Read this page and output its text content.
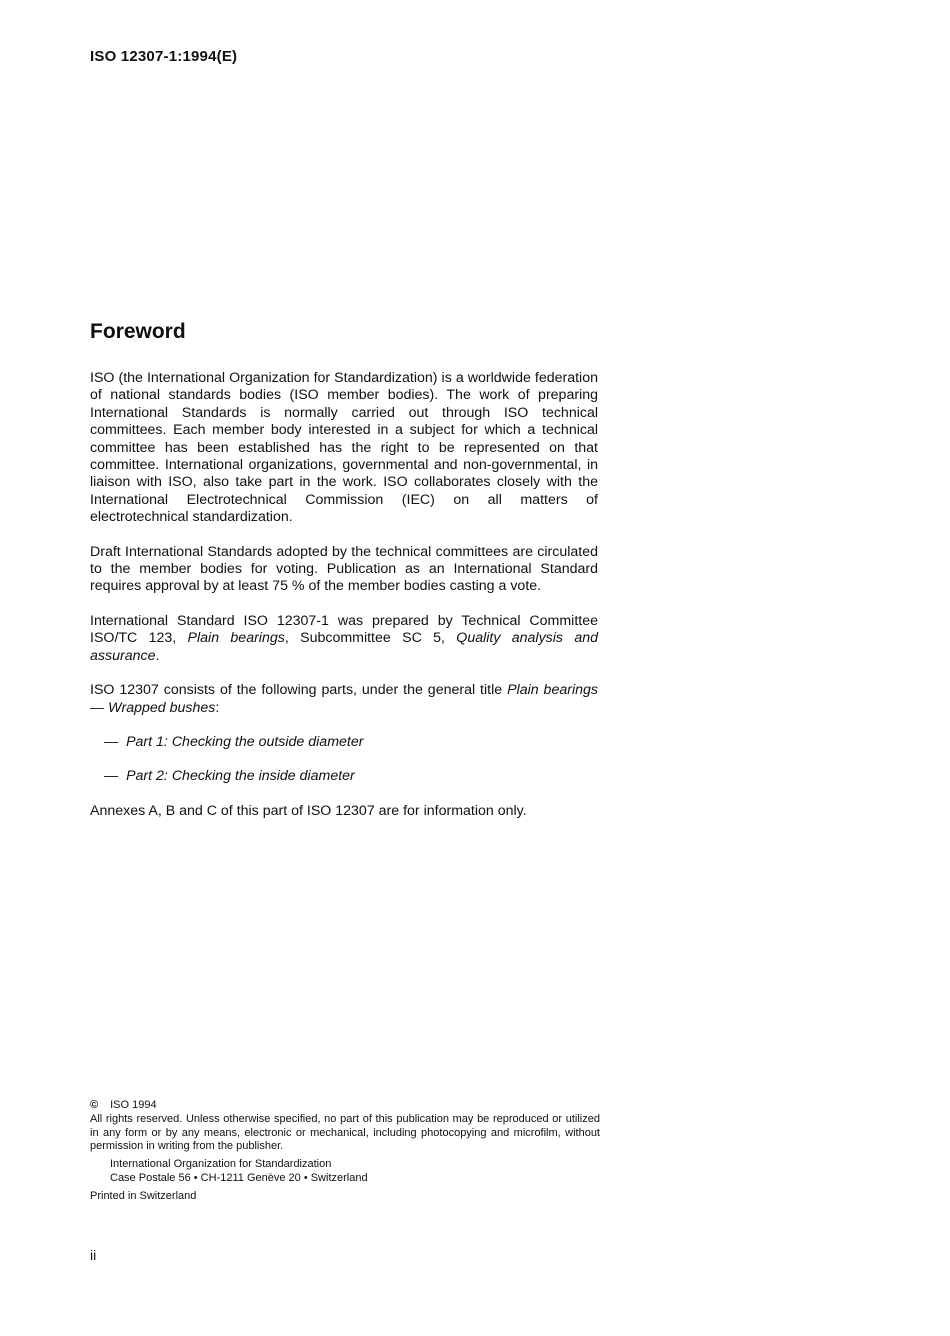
ISO 12307-1:1994(E)
Foreword

ISO (the International Organization for Standardization) is a worldwide federation of national standards bodies (ISO member bodies). The work of preparing International Standards is normally carried out through ISO technical committees. Each member body interested in a subject for which a technical committee has been established has the right to be represented on that committee. International organizations, governmental and non-governmental, in liaison with ISO, also take part in the work. ISO collaborates closely with the International Electrotechnical Commission (IEC) on all matters of electrotechnical standardization.

Draft International Standards adopted by the technical committees are circulated to the member bodies for voting. Publication as an International Standard requires approval by at least 75 % of the member bodies casting a vote.

International Standard ISO 12307-1 was prepared by Technical Committee ISO/TC 123, Plain bearings, Subcommittee SC 5, Quality analysis and assurance.

ISO 12307 consists of the following parts, under the general title Plain bearings — Wrapped bushes:

— Part 1: Checking the outside diameter
— Part 2: Checking the inside diameter

Annexes A, B and C of this part of ISO 12307 are for information only.

© ISO 1994
All rights reserved. Unless otherwise specified, no part of this publication may be reproduced or utilized in any form or by any means, electronic or mechanical, including photocopying and microfilm, without permission in writing from the publisher.
International Organization for Standardization
Case Postale 56 • CH-1211 Genève 20 • Switzerland
Printed in Switzerland
ii
